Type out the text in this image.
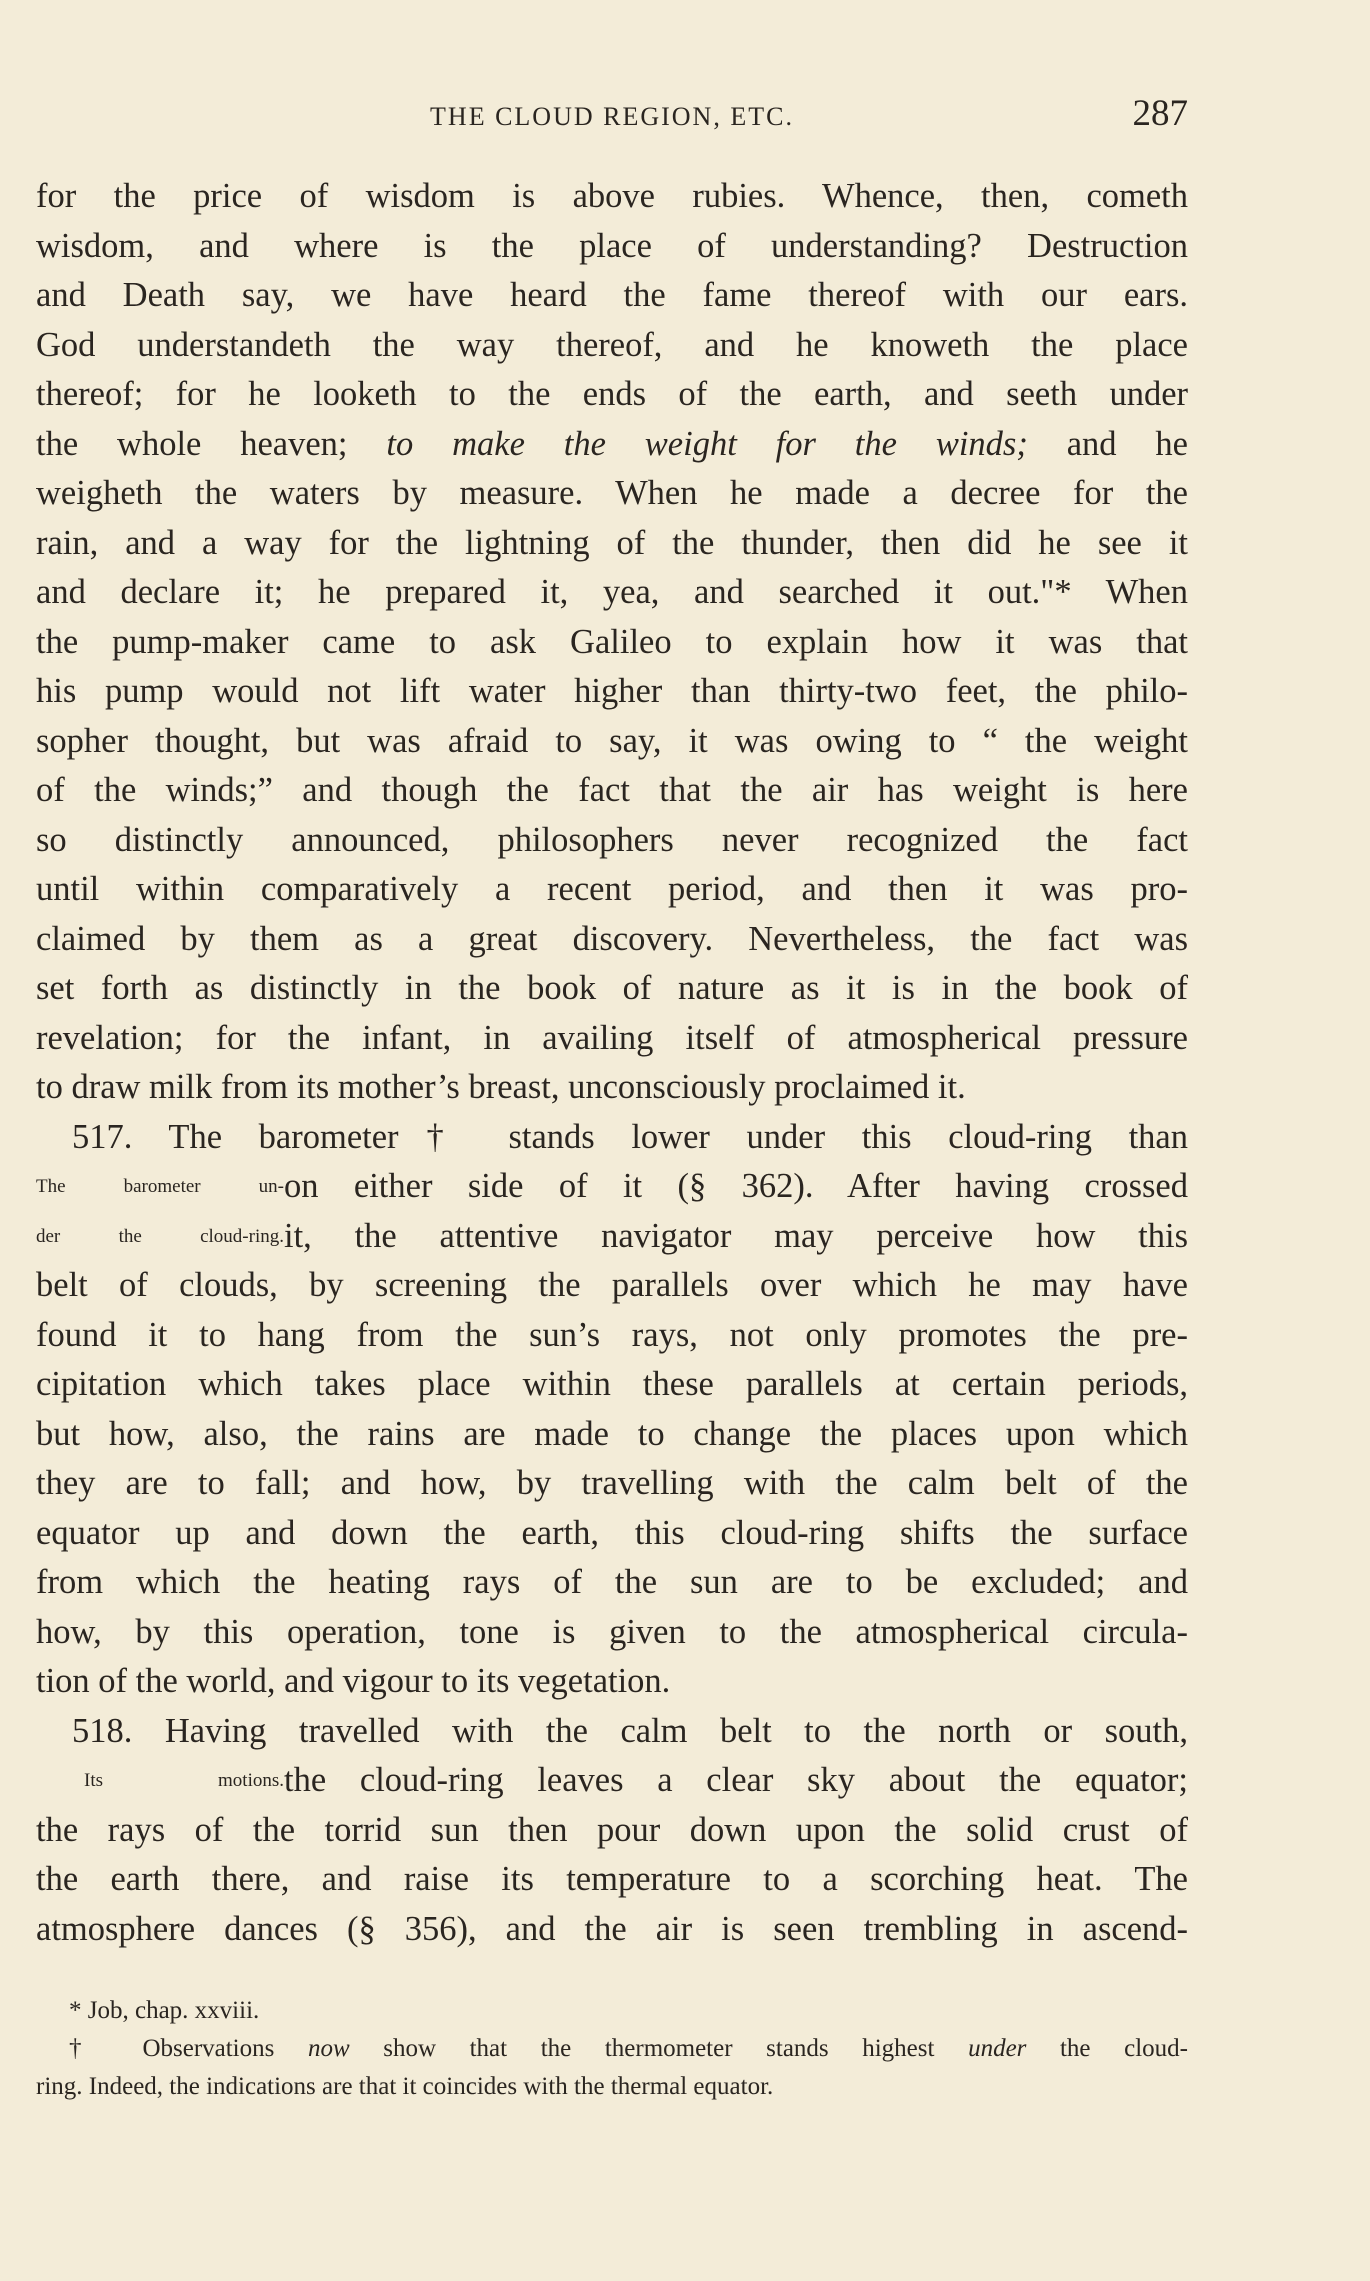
THE CLOUD REGION, ETC.	287
for the price of wisdom is above rubies. Whence, then, cometh
wisdom, and where is the place of understanding? Destruction
and Death say, we have heard the fame thereof with our ears.
God understandeth the way thereof, and he knoweth the place
thereof; for he looketh to the ends of the earth, and seeth under
the whole heaven; to make the weight for the winds; and he
weigheth the waters by measure. When he made a decree for the
rain, and a way for the lightning of the thunder, then did he see it
and declare it; he prepared it, yea, and searched it out."* When
the pump-maker came to ask Galileo to explain how it was that
his pump would not lift water higher than thirty-two feet, the philo-
sopher thought, but was afraid to say, it was owing to “ the weight
of the winds;” and though the fact that the air has weight is here
so distinctly announced, philosophers never recognized the fact
until within comparatively a recent period, and then it was pro-
claimed by them as a great discovery. Nevertheless, the fact was
set forth as distinctly in the book of nature as it is in the book of
revelation; for the infant, in availing itself of atmospherical pressure
to draw milk from its mother’s breast, unconsciously proclaimed it.
517. The barometer† stands lower under this cloud-ring than
The barometer un- on either side of it (§ 362). After having crossed
der the cloud-ring. it, the attentive navigator may perceive how this
belt of clouds, by screening the parallels over which he may have
found it to hang from the sun’s rays, not only promotes the pre-
cipitation which takes place within these parallels at certain periods,
but how, also, the rains are made to change the places upon which
they are to fall; and how, by travelling with the calm belt of the
equator up and down the earth, this cloud-ring shifts the surface
from which the heating rays of the sun are to be excluded; and
how, by this operation, tone is given to the atmospherical circula-
tion of the world, and vigour to its vegetation.
518. Having travelled with the calm belt to the north or south,
Its motions. the cloud-ring leaves a clear sky about the equator;
the rays of the torrid sun then pour down upon the solid crust of
the earth there, and raise its temperature to a scorching heat. The
atmosphere dances (§ 356), and the air is seen trembling in ascend-
* Job, chap. xxviii.
† Observations now show that the thermometer stands highest under the cloud-
ring. Indeed, the indications are that it coincides with the thermal equator.
